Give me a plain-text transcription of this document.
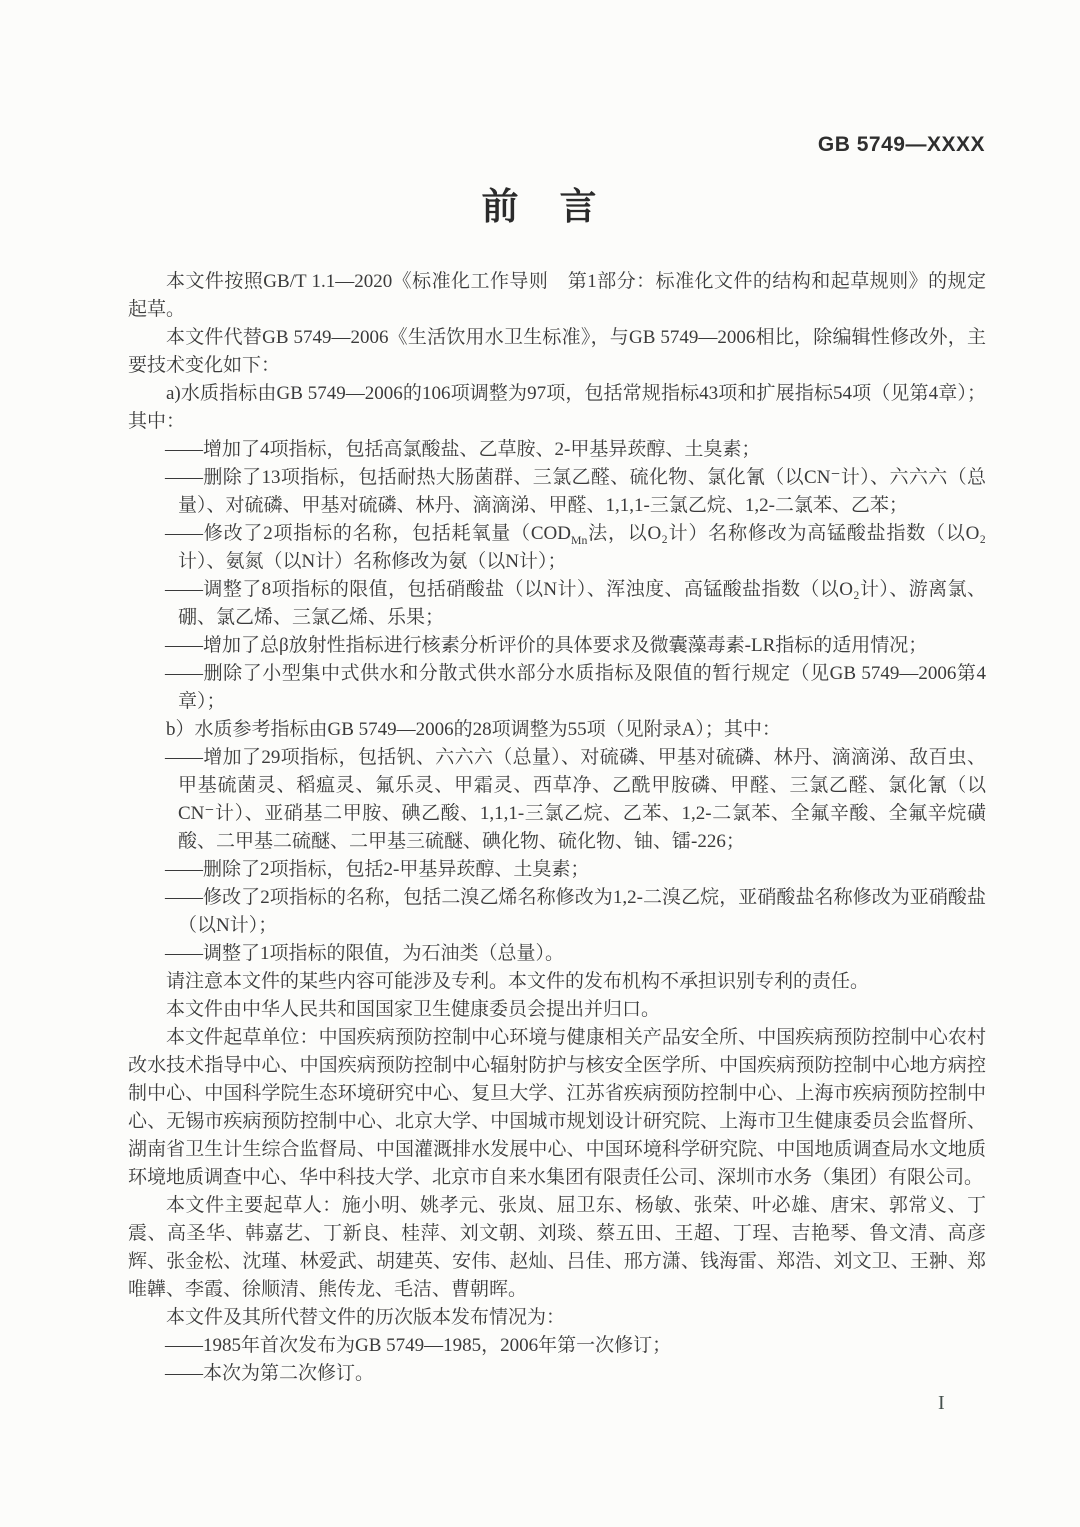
GB 5749—XXXX
前　言
本文件按照GB/T 1.1—2020《标准化工作导则　第1部分：标准化文件的结构和起草规则》的规定起草。
本文件代替GB 5749—2006《生活饮用水卫生标准》，与GB 5749—2006相比，除编辑性修改外，主要技术变化如下：
a)水质指标由GB 5749—2006的106项调整为97项，包括常规指标43项和扩展指标54项（见第4章）；其中：
——增加了4项指标，包括高氯酸盐、乙草胺、2-甲基异莰醇、土臭素；
——删除了13项指标，包括耐热大肠菌群、三氯乙醛、硫化物、氯化氰（以CN⁻计）、六六六（总量）、对硫磷、甲基对硫磷、林丹、滴滴涕、甲醛、1,1,1-三氯乙烷、1,2-二氯苯、乙苯；
——修改了2项指标的名称，包括耗氧量（$COD_{Mn}$法，以O₂计）名称修改为高锰酸盐指数（以O₂计）、氨氮（以N计）名称修改为氨（以N计）；
——调整了8项指标的限值，包括硝酸盐（以N计）、浑浊度、高锰酸盐指数（以O₂计）、游离氯、硼、氯乙烯、三氯乙烯、乐果；
——增加了总β放射性指标进行核素分析评价的具体要求及微囊藻毒素-LR指标的适用情况；
——删除了小型集中式供水和分散式供水部分水质指标及限值的暂行规定（见GB 5749—2006第4章）；
b）水质参考指标由GB 5749—2006的28项调整为55项（见附录A）；其中：
——增加了29项指标，包括钒、六六六（总量）、对硫磷、甲基对硫磷、林丹、滴滴涕、敌百虫、甲基硫菌灵、稻瘟灵、氟乐灵、甲霜灵、西草净、乙酰甲胺磷、甲醛、三氯乙醛、氯化氰（以CN⁻计）、亚硝基二甲胺、碘乙酸、1,1,1-三氯乙烷、乙苯、1,2-二氯苯、全氟辛酸、全氟辛烷磺酸、二甲基二硫醚、二甲基三硫醚、碘化物、硫化物、铀、镭-226；
——删除了2项指标，包括2-甲基异莰醇、土臭素；
——修改了2项指标的名称，包括二溴乙烯名称修改为1,2-二溴乙烷，亚硝酸盐名称修改为亚硝酸盐（以N计）；
——调整了1项指标的限值，为石油类（总量）。
请注意本文件的某些内容可能涉及专利。本文件的发布机构不承担识别专利的责任。
本文件由中华人民共和国国家卫生健康委员会提出并归口。
本文件起草单位：中国疾病预防控制中心环境与健康相关产品安全所、中国疾病预防控制中心农村改水技术指导中心、中国疾病预防控制中心辐射防护与核安全医学所、中国疾病预防控制中心地方病控制中心、中国科学院生态环境研究中心、复旦大学、江苏省疾病预防控制中心、上海市疾病预防控制中心、无锡市疾病预防控制中心、北京大学、中国城市规划设计研究院、上海市卫生健康委员会监督所、湖南省卫生计生综合监督局、中国灌溉排水发展中心、中国环境科学研究院、中国地质调查局水文地质环境地质调查中心、华中科技大学、北京市自来水集团有限责任公司、深圳市水务（集团）有限公司。
本文件主要起草人：施小明、姚孝元、张岚、屈卫东、杨敏、张荣、叶必雄、唐宋、郭常义、丁震、高圣华、韩嘉艺、丁新良、桂萍、刘文朝、刘琰、蔡五田、王超、丁珵、吉艳琴、鲁文清、高彦辉、张金松、沈瑾、林爱武、胡建英、安伟、赵灿、吕佳、邢方潇、钱海雷、郑浩、刘文卫、王翀、郑唯韡、李霞、徐顺清、熊传龙、毛洁、曹朝晖。
本文件及其所代替文件的历次版本发布情况为：
——1985年首次发布为GB 5749—1985，2006年第一次修订；
——本次为第二次修订。
I
